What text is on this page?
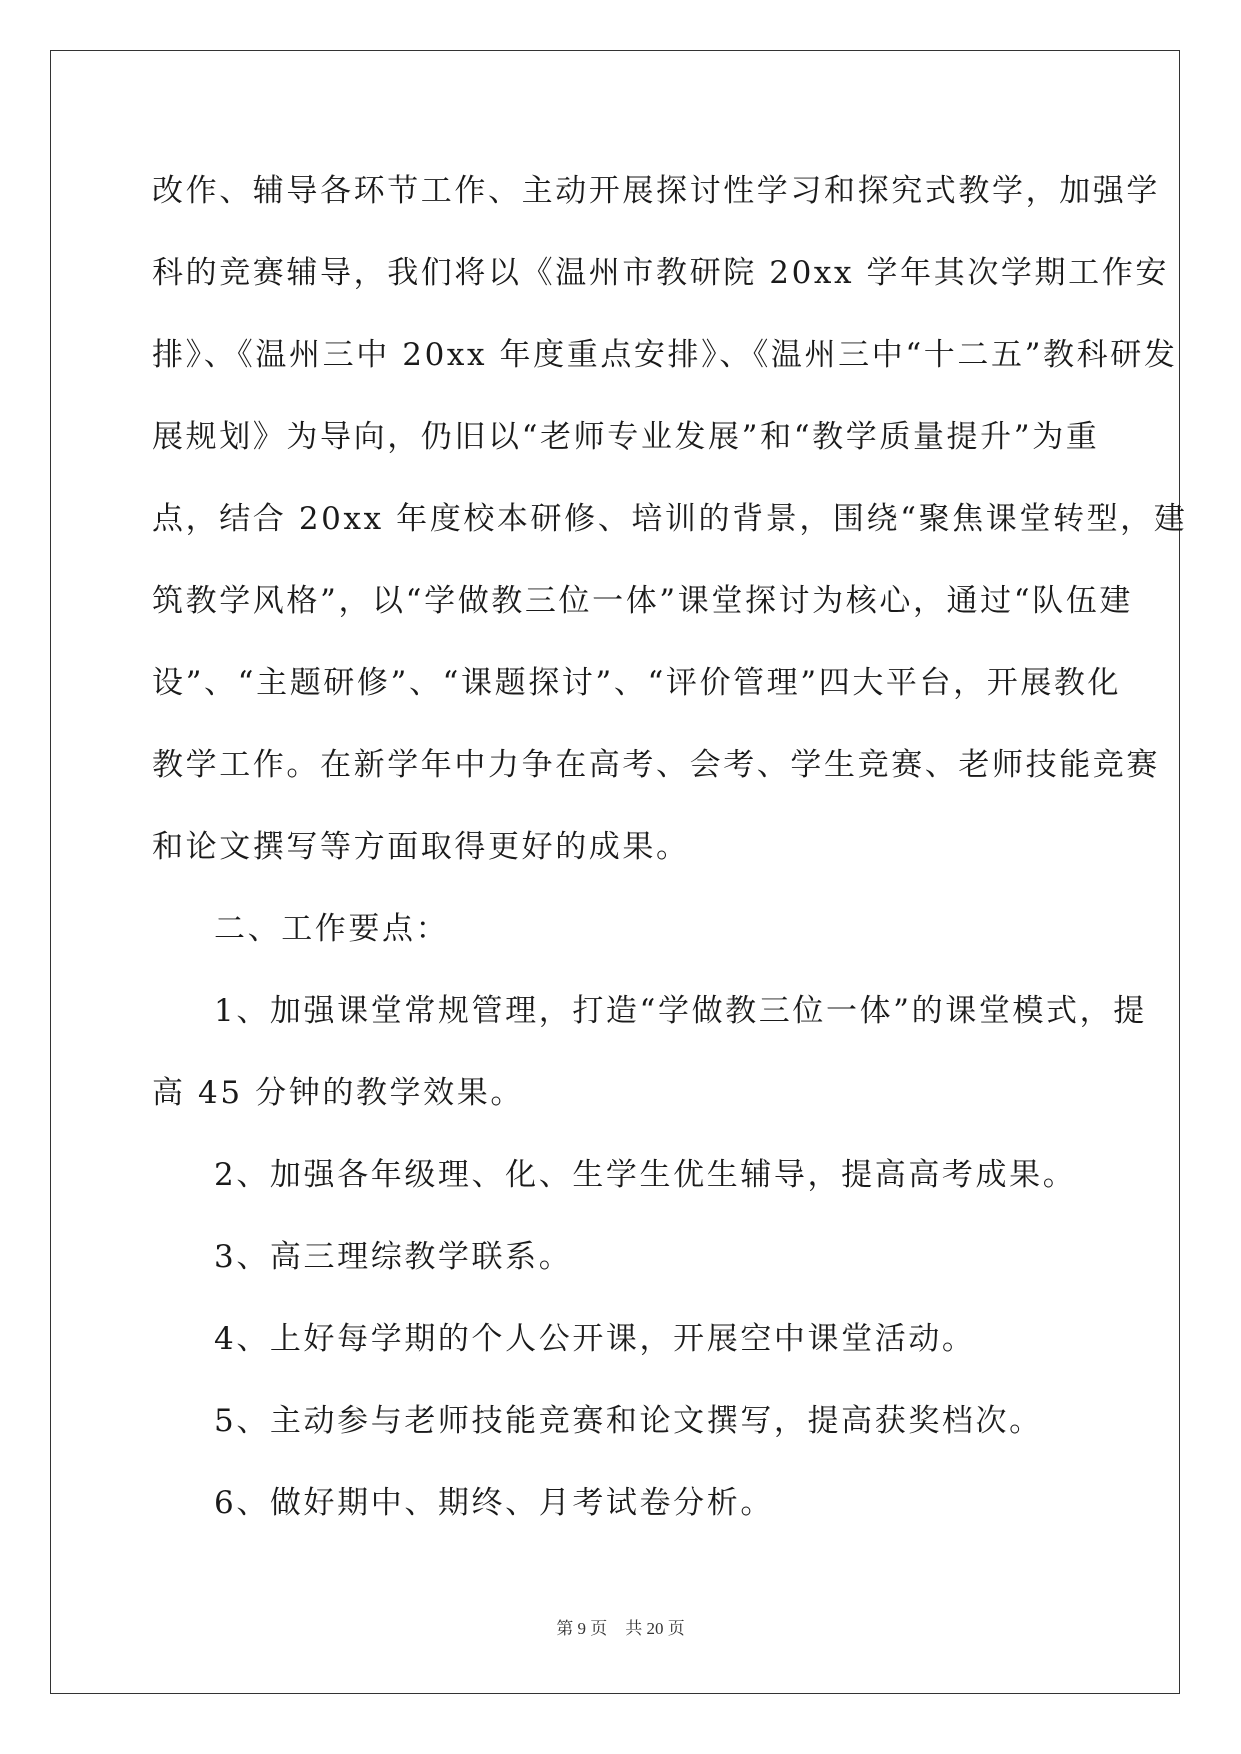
改作、辅导各环节工作、主动开展探讨性学习和探究式教学，加强学
科的竞赛辅导，我们将以《温州市教研院 20xx 学年其次学期工作安
排》、《温州三中 20xx 年度重点安排》、《温州三中“十二五”教科研发
展规划》为导向，仍旧以“老师专业发展”和“教学质量提升”为重
点，结合 20xx 年度校本研修、培训的背景，围绕“聚焦课堂转型，建
筑教学风格”，以“学做教三位一体”课堂探讨为核心，通过“队伍建
设”、“主题研修”、“课题探讨”、“评价管理”四大平台，开展教化
教学工作。在新学年中力争在高考、会考、学生竞赛、老师技能竞赛
和论文撰写等方面取得更好的成果。
二、工作要点：
1、加强课堂常规管理，打造“学做教三位一体”的课堂模式，提
高 45 分钟的教学效果。
2、加强各年级理、化、生学生优生辅导，提高高考成果。
3、高三理综教学联系。
4、上好每学期的个人公开课，开展空中课堂活动。
5、主动参与老师技能竞赛和论文撰写，提高获奖档次。
6、做好期中、期终、月考试卷分析。
第 9 页 共 20 页
